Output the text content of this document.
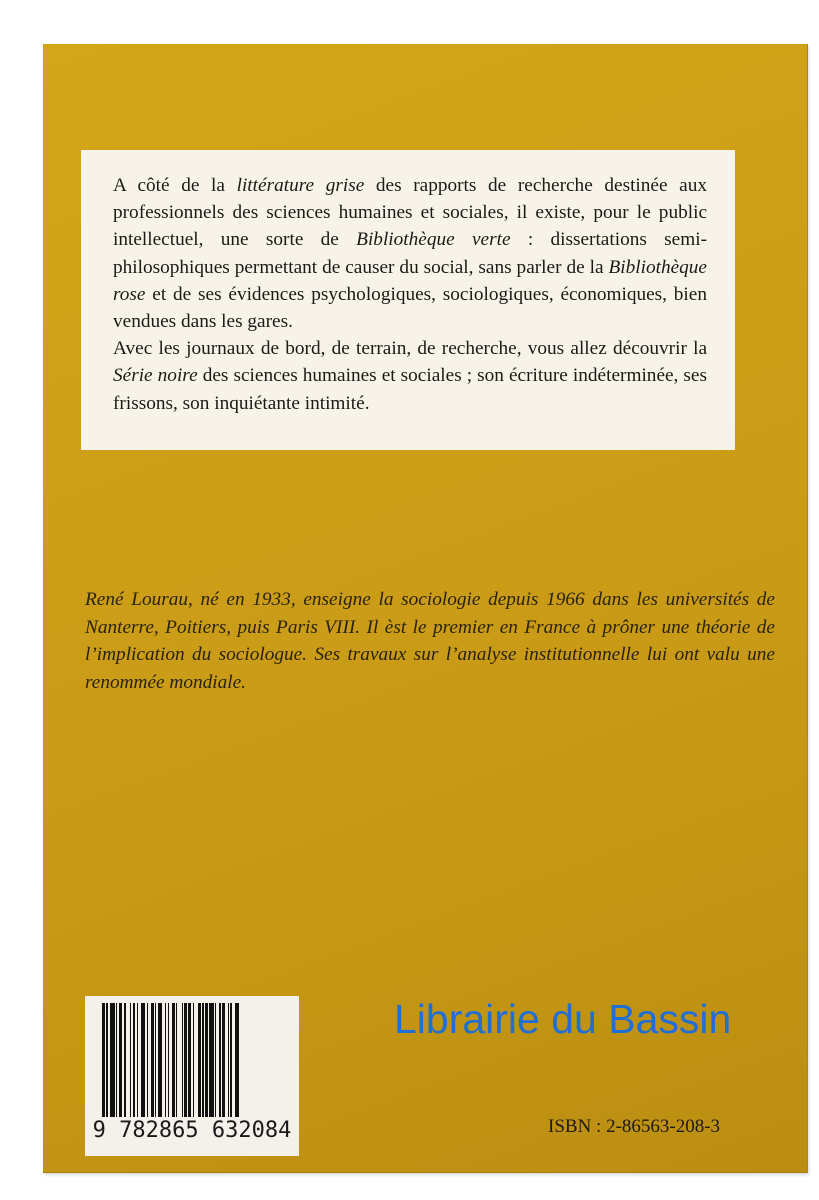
A côté de la littérature grise des rapports de recherche destinée aux professionnels des sciences humaines et sociales, il existe, pour le public intellectuel, une sorte de Bibliothèque verte : dissertations semi-philosophiques permettant de causer du social, sans parler de la Bibliothèque rose et de ses évidences psychologiques, sociologiques, économiques, bien vendues dans les gares.

Avec les journaux de bord, de terrain, de recherche, vous allez découvrir la Série noire des sciences humaines et sociales ; son écriture indéterminée, ses frissons, son inquiétante intimité.

René Lourau, né en 1933, enseigne la sociologie depuis 1966 dans les universités de Nanterre, Poitiers, puis Paris VIII. Il èst le premier en France à prôner une théorie de l’implication du sociologue. Ses travaux sur l’analyse institutionnelle lui ont valu une renommée mondiale.
9 782865 632084
Librairie du Bassin
ISBN : 2-86563-208-3
